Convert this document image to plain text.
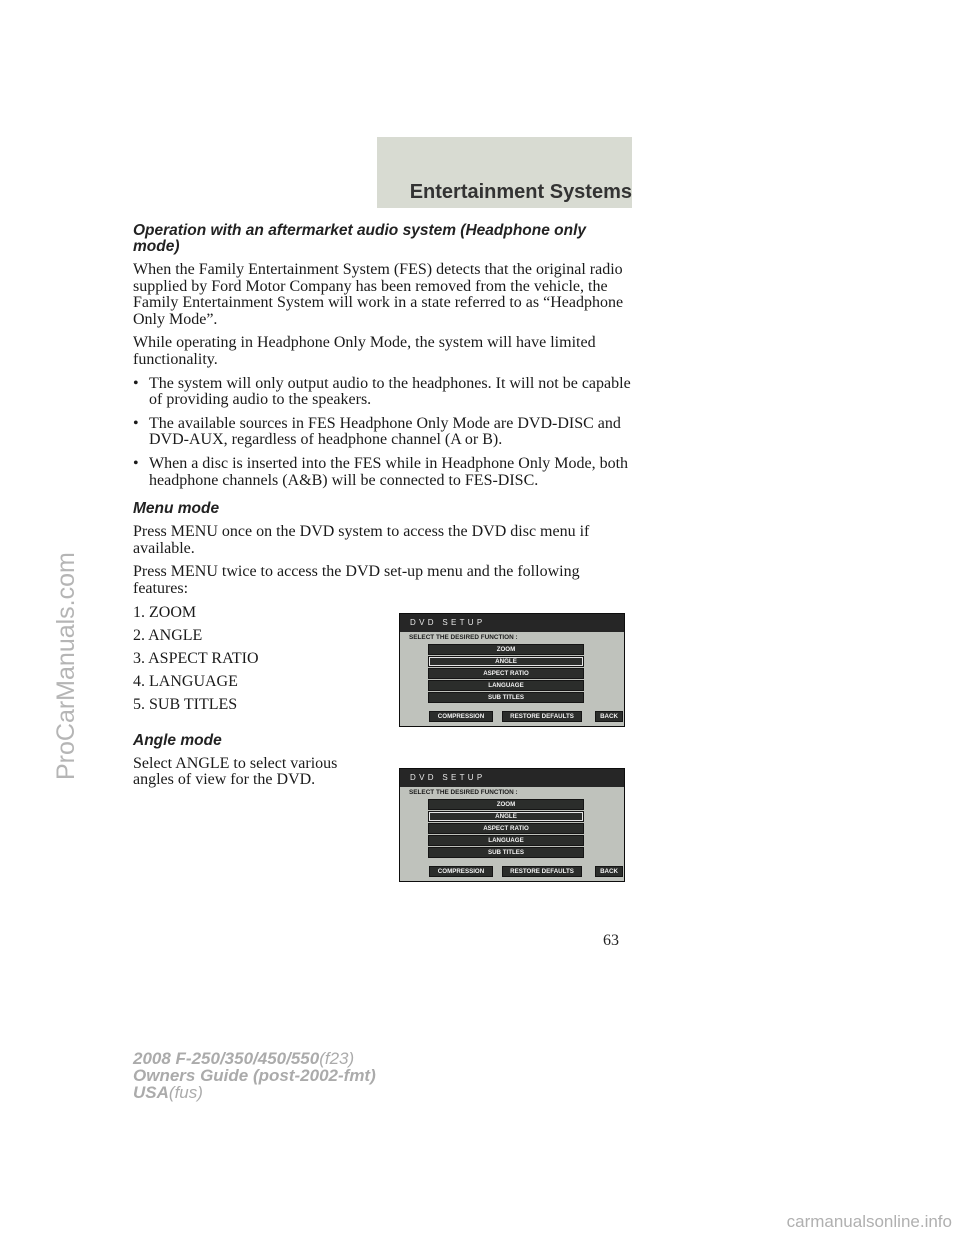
Entertainment Systems
ProCarManuals.com
Operation with an aftermarket audio system (Headphone only mode)

When the Family Entertainment System (FES) detects that the original radio supplied by Ford Motor Company has been removed from the vehicle, the Family Entertainment System will work in a state referred to as “Headphone Only Mode”.

While operating in Headphone Only Mode, the system will have limited functionality.

• The system will only output audio to the headphones. It will not be capable of providing audio to the speakers.
• The available sources in FES Headphone Only Mode are DVD-DISC and DVD-AUX, regardless of headphone channel (A or B).
• When a disc is inserted into the FES while in Headphone Only Mode, both headphone channels (A&B) will be connected to FES-DISC.
Menu mode

Press MENU once on the DVD system to access the DVD disc menu if available.

Press MENU twice to access the DVD set-up menu and the following features:

1. ZOOM
2. ANGLE
3. ASPECT RATIO
4. LANGUAGE
5. SUB TITLES
Angle mode

Select ANGLE to select various angles of view for the DVD.

DVD SETUP
SELECT THE DESIRED FUNCTION :
ZOOM
ANGLE
ASPECT RATIO
LANGUAGE
SUB TITLES
COMPRESSION	RESTORE DEFAULTS	BACK
DVD SETUP
SELECT THE DESIRED FUNCTION :
ZOOM
ANGLE
ASPECT RATIO
LANGUAGE
SUB TITLES
COMPRESSION	RESTORE DEFAULTS	BACK
63
2008 F-250/350/450/550(f23)
Owners Guide (post-2002-fmt)
USA(fus)
carmanualsonline.info
